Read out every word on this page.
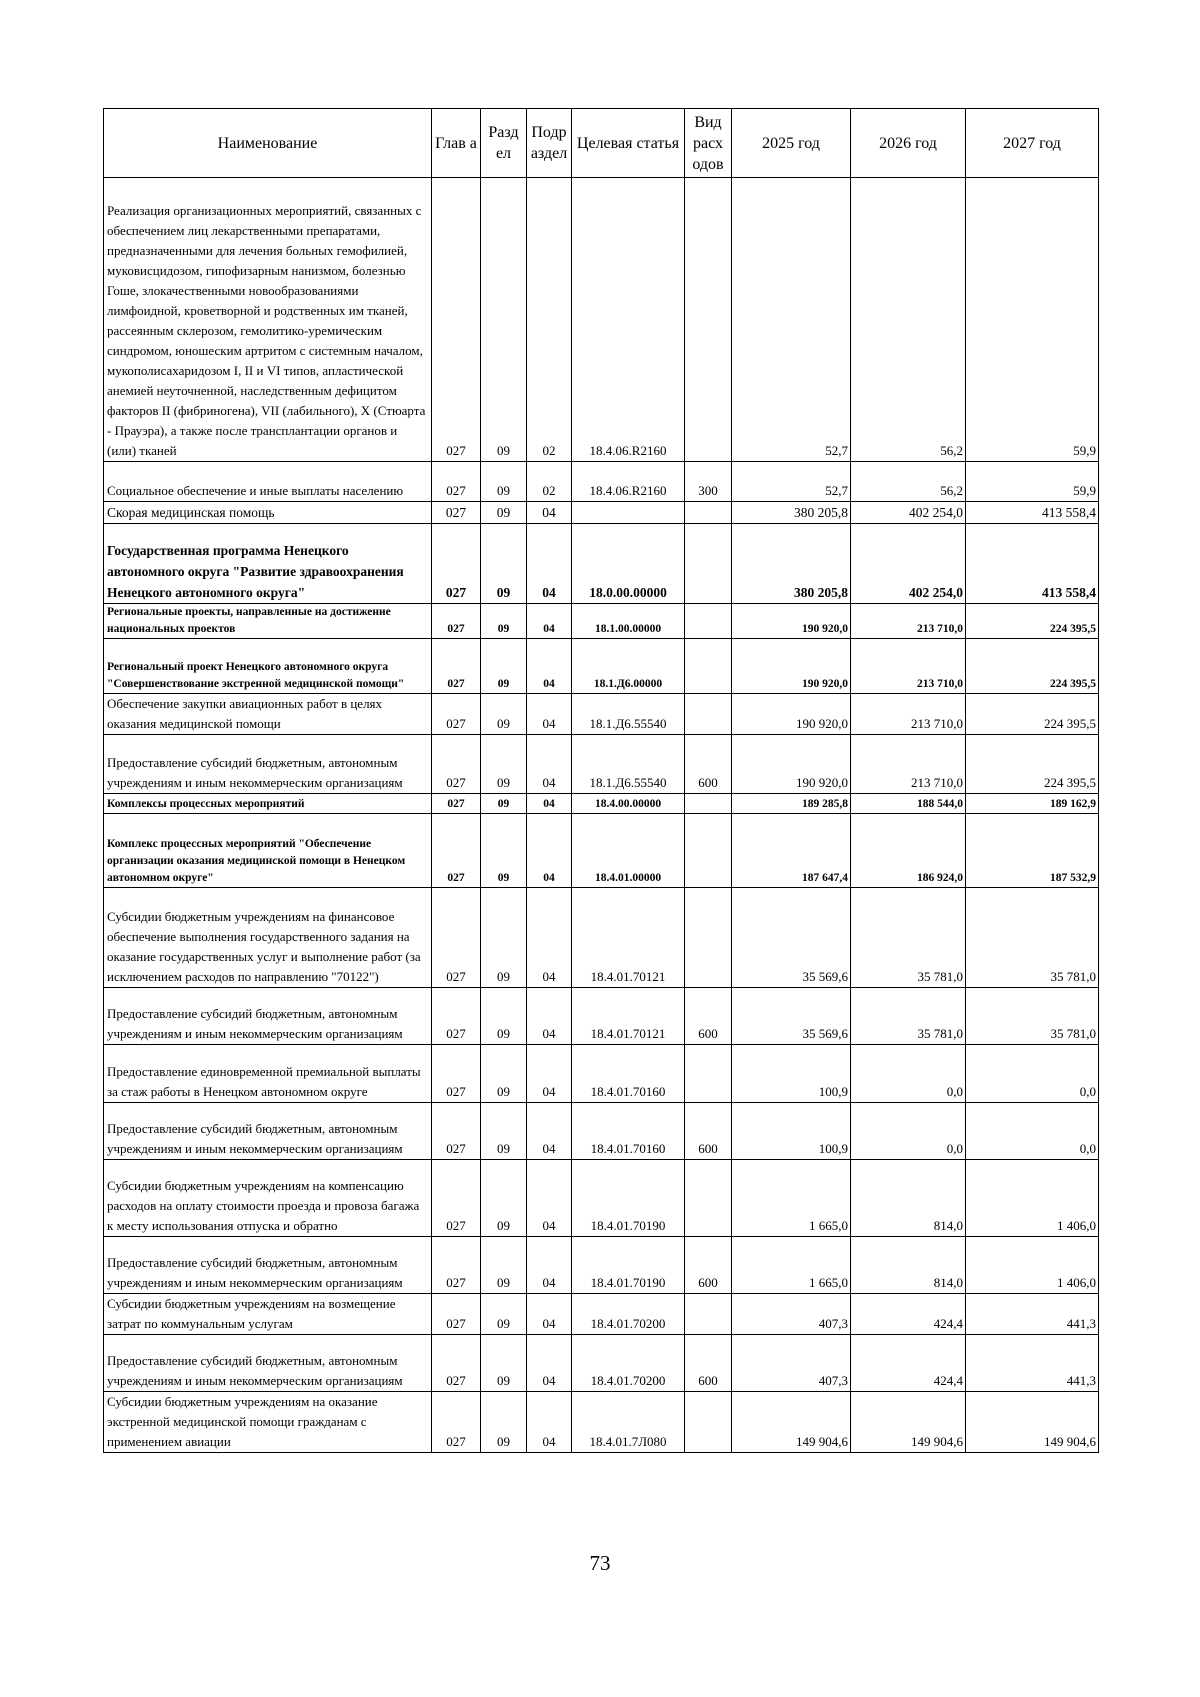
Наименование	Глав а	Разд ел	Подр аздел	Целевая статья	Вид расх одов	2025 год	2026 год	2027 год
Реализация организационных мероприятий, связанных с обеспечением лиц лекарственными препаратами, предназначенными для лечения больных гемофилией, муковисцидозом, гипофизарным нанизмом, болезнью Гоше, злокачественными новообразованиями лимфоидной, кроветворной и родственных им тканей, рассеянным склерозом, гемолитико-уремическим синдромом, юношеским артритом с системным началом, мукополисахаридозом I, II и VI типов, апластической анемией неуточненной, наследственным дефицитом факторов II (фибриногена), VII (лабильного), X (Стюарта - Прауэра), а также после трансплантации органов и (или) тканей	027	09	02	18.4.06.R2160		52,7	56,2	59,9
Социальное обеспечение и иные выплаты населению	027	09	02	18.4.06.R2160	300	52,7	56,2	59,9
Скорая медицинская помощь	027	09	04			380 205,8	402 254,0	413 558,4
Государственная программа Ненецкого автономного округа "Развитие здравоохранения Ненецкого автономного округа"	027	09	04	18.0.00.00000		380 205,8	402 254,0	413 558,4
Региональные проекты, направленные на достижение национальных проектов	027	09	04	18.1.00.00000		190 920,0	213 710,0	224 395,5
Региональный проект Ненецкого автономного округа "Совершенствование экстренной медицинской помощи"	027	09	04	18.1.Д6.00000		190 920,0	213 710,0	224 395,5
Обеспечение закупки авиационных работ в целях оказания медицинской помощи	027	09	04	18.1.Д6.55540		190 920,0	213 710,0	224 395,5
Предоставление субсидий бюджетным, автономным учреждениям и иным некоммерческим организациям	027	09	04	18.1.Д6.55540	600	190 920,0	213 710,0	224 395,5
Комплексы процессных мероприятий	027	09	04	18.4.00.00000		189 285,8	188 544,0	189 162,9
Комплекс процессных мероприятий "Обеспечение организации оказания медицинской помощи в Ненецком автономном округе"	027	09	04	18.4.01.00000		187 647,4	186 924,0	187 532,9
Субсидии бюджетным учреждениям на финансовое обеспечение выполнения государственного задания на оказание государственных услуг и выполнение работ (за исключением расходов по направлению "70122")	027	09	04	18.4.01.70121		35 569,6	35 781,0	35 781,0
Предоставление субсидий бюджетным, автономным учреждениям и иным некоммерческим организациям	027	09	04	18.4.01.70121	600	35 569,6	35 781,0	35 781,0
Предоставление единовременной премиальной выплаты за стаж работы в Ненецком автономном округе	027	09	04	18.4.01.70160		100,9	0,0	0,0
Предоставление субсидий бюджетным, автономным учреждениям и иным некоммерческим организациям	027	09	04	18.4.01.70160	600	100,9	0,0	0,0
Субсидии бюджетным учреждениям на компенсацию расходов на оплату стоимости проезда и провоза багажа к месту использования отпуска и обратно	027	09	04	18.4.01.70190		1 665,0	814,0	1 406,0
Предоставление субсидий бюджетным, автономным учреждениям и иным некоммерческим организациям	027	09	04	18.4.01.70190	600	1 665,0	814,0	1 406,0
Субсидии бюджетным учреждениям на возмещение затрат по коммунальным услугам	027	09	04	18.4.01.70200		407,3	424,4	441,3
Предоставление субсидий бюджетным, автономным учреждениям и иным некоммерческим организациям	027	09	04	18.4.01.70200	600	407,3	424,4	441,3
Субсидии бюджетным учреждениям на оказание экстренной медицинской помощи гражданам с применением авиации	027	09	04	18.4.01.7Л080		149 904,6	149 904,6	149 904,6
73
